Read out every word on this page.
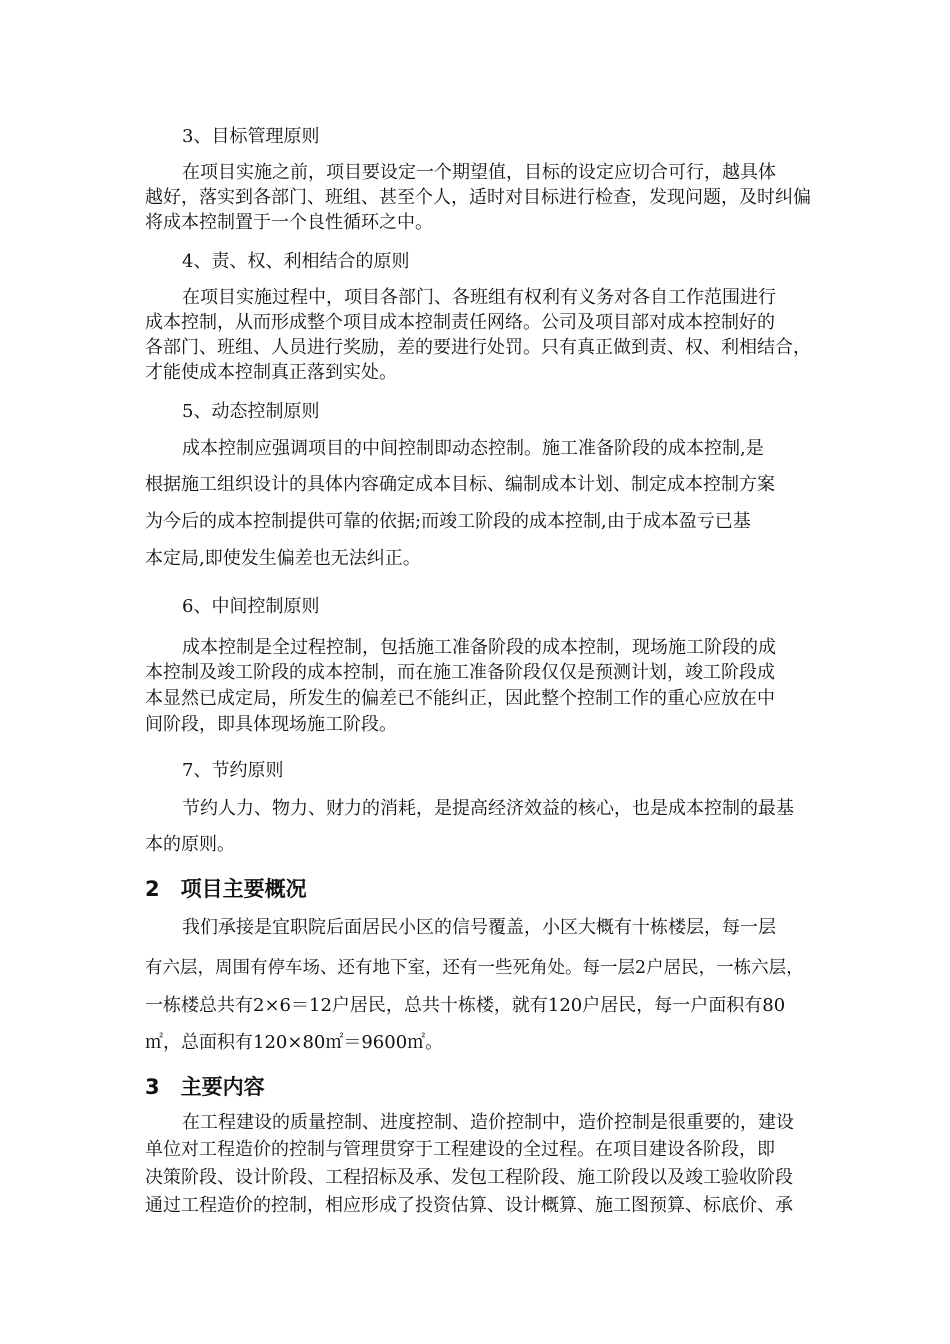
3、目标管理原则

在项目实施之前，项目要设定一个期望值，目标的设定应切合可行，越具体

越好，落实到各部门、班组、甚至个人，适时对目标进行检查，发现问题，及时纠偏

将成本控制置于一个良性循环之中。

4、责、权、利相结合的原则

在项目实施过程中，项目各部门、各班组有权利有义务对各自工作范围进行

成本控制，从而形成整个项目成本控制责任网络。公司及项目部对成本控制好的

各部门、班组、人员进行奖励，差的要进行处罚。只有真正做到责、权、利相结合，

才能使成本控制真正落到实处。

5、动态控制原则

成本控制应强调项目的中间控制即动态控制。施工准备阶段的成本控制,是

根据施工组织设计的具体内容确定成本目标、编制成本计划、制定成本控制方案

为今后的成本控制提供可靠的依据;而竣工阶段的成本控制,由于成本盈亏已基

本定局,即使发生偏差也无法纠正。

6、中间控制原则

成本控制是全过程控制，包括施工准备阶段的成本控制，现场施工阶段的成

本控制及竣工阶段的成本控制，而在施工准备阶段仅仅是预测计划，竣工阶段成

本显然已成定局，所发生的偏差已不能纠正，因此整个控制工作的重心应放在中

间阶段，即具体现场施工阶段。

7、节约原则

节约人力、物力、财力的消耗，是提高经济效益的核心，也是成本控制的最基

本的原则。

2　项目主要概况

我们承接是宜职院后面居民小区的信号覆盖，小区大概有十栋楼层，每一层

有六层，周围有停车场、还有地下室，还有一些死角处。每一层2户居民，一栋六层，

一栋楼总共有2×6＝12户居民，总共十栋楼，就有120户居民，每一户面积有80

㎡，总面积有120×80㎡＝9600㎡。

3　主要内容

在工程建设的质量控制、进度控制、造价控制中，造价控制是很重要的，建设

单位对工程造价的控制与管理贯穿于工程建设的全过程。在项目建设各阶段，即

决策阶段、设计阶段、工程招标及承、发包工程阶段、施工阶段以及竣工验收阶段

通过工程造价的控制，相应形成了投资估算、设计概算、施工图预算、标底价、承
